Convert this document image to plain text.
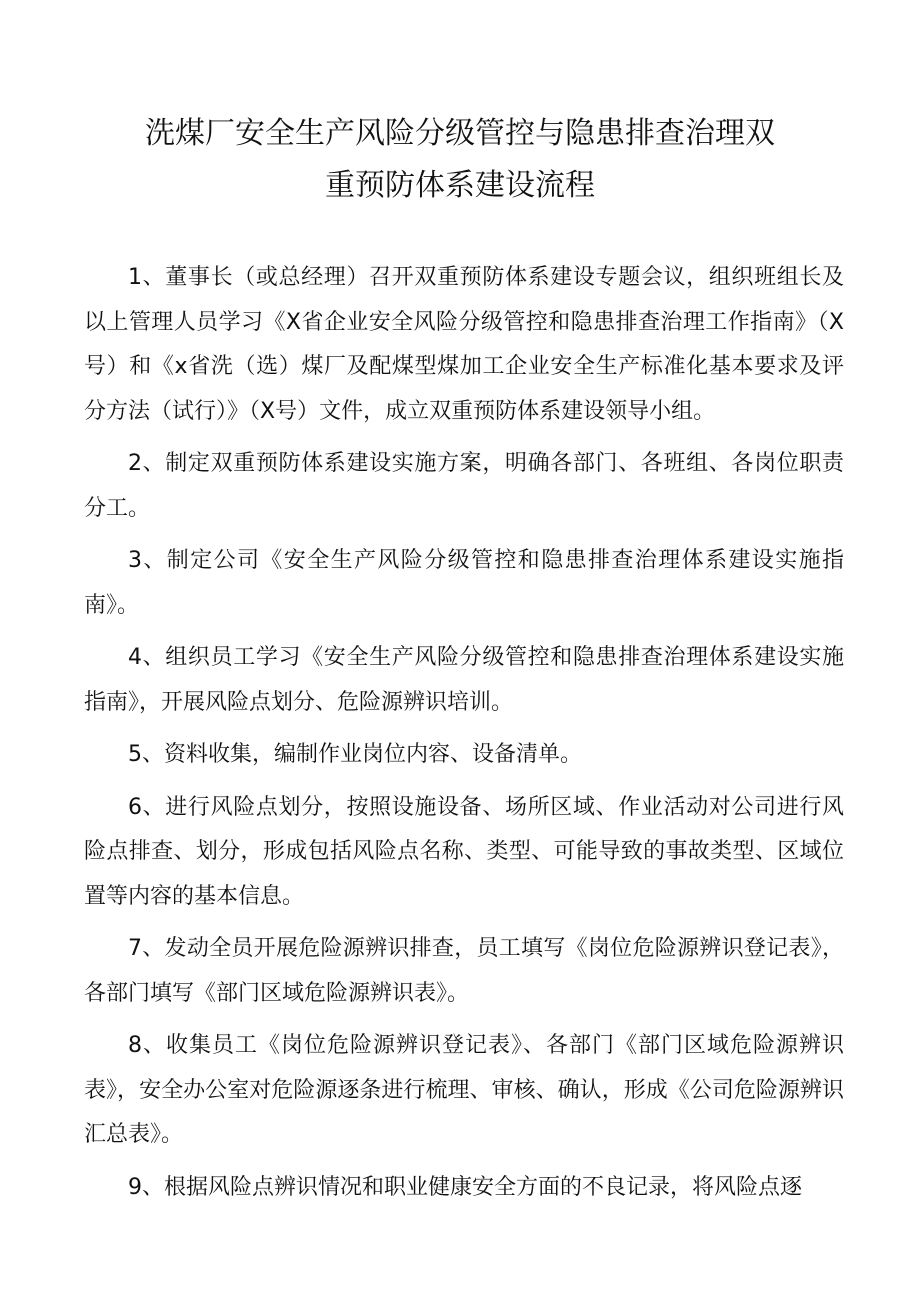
洗煤厂安全生产风险分级管控与隐患排查治理双
重预防体系建设流程

1、董事长（或总经理）召开双重预防体系建设专题会议，组织班组长及以上管理人员学习《X省企业安全风险分级管控和隐患排查治理工作指南》（X号）和《x省洗（选）煤厂及配煤型煤加工企业安全生产标准化基本要求及评分方法（试行）》（X号）文件，成立双重预防体系建设领导小组。

2、制定双重预防体系建设实施方案，明确各部门、各班组、各岗位职责分工。

3、制定公司《安全生产风险分级管控和隐患排查治理体系建设实施指南》。

4、组织员工学习《安全生产风险分级管控和隐患排查治理体系建设实施指南》，开展风险点划分、危险源辨识培训。

5、资料收集，编制作业岗位内容、设备清单。

6、进行风险点划分，按照设施设备、场所区域、作业活动对公司进行风险点排查、划分，形成包括风险点名称、类型、可能导致的事故类型、区域位置等内容的基本信息。

7、发动全员开展危险源辨识排查，员工填写《岗位危险源辨识登记表》，各部门填写《部门区域危险源辨识表》。

8、收集员工《岗位危险源辨识登记表》、各部门《部门区域危险源辨识表》，安全办公室对危险源逐条进行梳理、审核、确认，形成《公司危险源辨识汇总表》。

9、根据风险点辨识情况和职业健康安全方面的不良记录，将风险点逐
